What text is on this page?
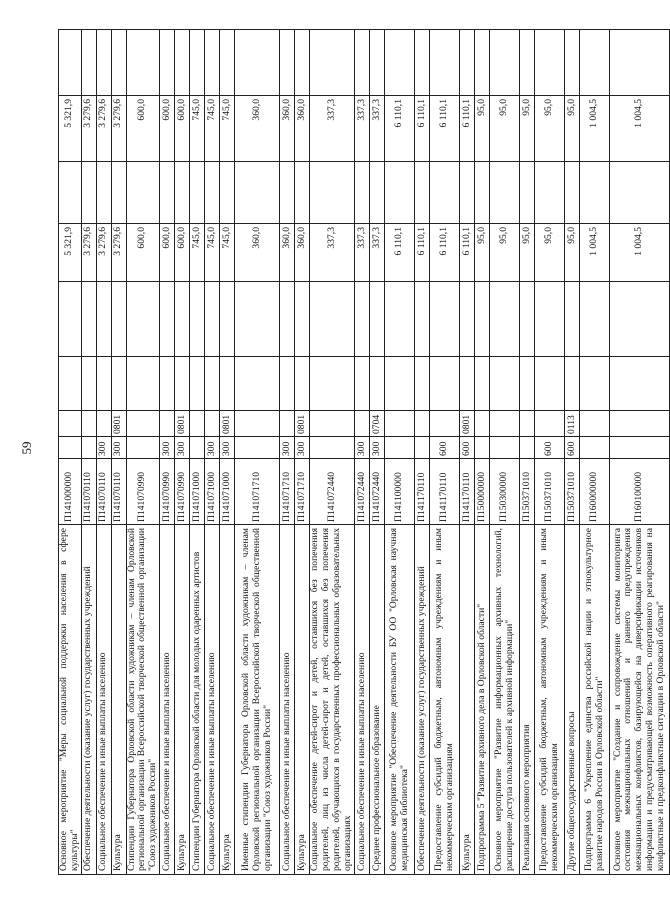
59
Основное мероприятие "Меры социальной поддержки населения в сфере культуры"	П141000000					5 321,9		5 321,9	
Обеспечение деятельности (оказание услуг) государственных учреждений	П141070110					3 279,6		3 279,6	
Социальное обеспечение и иные выплаты населению	П141070110	300				3 279,6		3 279,6	
Культура	П141070110	300	0801			3 279,6		3 279,6	
Стипендии Губернатора Орловской области художникам – членам Орловской региональной организации Всероссийской творческой общественной организации "Союз художников России"	П141070990					600,0		600,0	
Социальное обеспечение и иные выплаты населению	П141070990	300				600,0		600,0	
Культура	П141070990	300	0801			600,0		600,0	
Стипендии Губернатора Орловской области для молодых одаренных артистов	П141071000					745,0		745,0	
Социальное обеспечение и иные выплаты населению	П141071000	300				745,0		745,0	
Культура	П141071000	300	0801			745,0		745,0	
Именные стипендии Губернатора Орловской области художникам – членам Орловской региональной организации Всероссийской творческой общественной организации "Союз художников России"	П141071710					360,0		360,0	
Социальное обеспечение и иные выплаты населению	П141071710	300				360,0		360,0	
Культура	П141071710	300	0801			360,0		360,0	
Социальное обеспечение детей-сирот и детей, оставшихся без попечения родителей, лиц из числа детей-сирот и детей, оставшихся без попечения родителей, обучающихся в государственных профессиональных образовательных организациях	П141072440					337,3		337,3	
Социальное обеспечение и иные выплаты населению	П141072440	300				337,3		337,3	
Среднее профессиональное образование	П141072440	300	0704			337,3		337,3	
Основное мероприятие "Обеспечение деятельности БУ ОО "Орловская научная медицинская библиотека"	П141100000					6 110,1		6 110,1	
Обеспечение деятельности (оказание услуг) государственных учреждений	П141170110					6 110,1		6 110,1	
Предоставление субсидий бюджетным, автономным учреждениям и иным некоммерческим организациям	П141170110	600				6 110,1		6 110,1	
Культура	П141170110	600	0801			6 110,1		6 110,1	
Подпрограмма 5 "Развитие архивного дела в Орловской области"	П150000000					95,0		95,0	
Основное мероприятие "Развитие информационных архивных технологий, расширение доступа пользователей к архивной информации"	П150300000					95,0		95,0	
Реализация основного мероприятия	П150371010					95,0		95,0	
Предоставление субсидий бюджетным, автономным учреждениям и иным некоммерческим организациям	П150371010	600				95,0		95,0	
Другие общегосударственные вопросы	П150371010	600	0113			95,0		95,0	
Подпрограмма 6 "Укрепление единства российской нации и этнокультурное развитие народов России в Орловской области"	П160000000					1 004,5		1 004,5	
Основное мероприятие "Создание и сопровождение системы мониторинга состояния межнациональных отношений и раннего предупреждения межнациональных конфликтов, базирующейся на диверсификации источников информации и предусматривающей возможность оперативного реагирования на конфликтные и предконфликтные ситуации в Орловской области"	П160100000					1 004,5		1 004,5	
